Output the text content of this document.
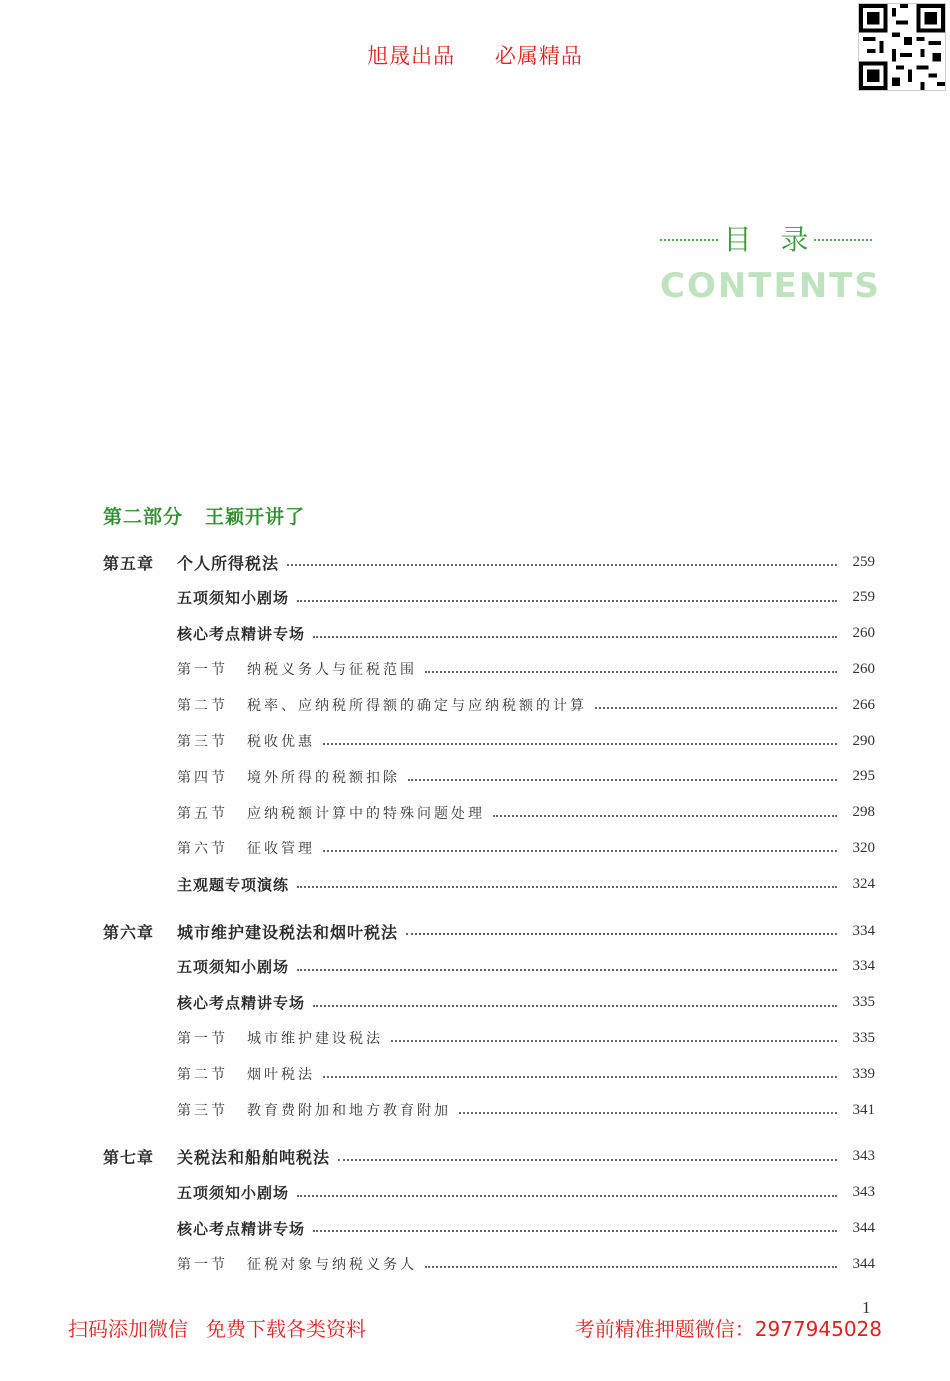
旭晟出品 必属精品
目 录
CONTENTS
第二部分 王颖开讲了
第五章 个人所得税法	259
五项须知小剧场	259
核心考点精讲专场	260
第一节 纳税义务人与征税范围	260
第二节 税率、应纳税所得额的确定与应纳税额的计算	266
第三节 税收优惠	290
第四节 境外所得的税额扣除	295
第五节 应纳税额计算中的特殊问题处理	298
第六节 征收管理	320
主观题专项演练	324
第六章 城市维护建设税法和烟叶税法	334
五项须知小剧场	334
核心考点精讲专场	335
第一节 城市维护建设税法	335
第二节 烟叶税法	339
第三节 教育费附加和地方教育附加	341
第七章 关税法和船舶吨税法	343
五项须知小剧场	343
核心考点精讲专场	344
第一节 征税对象与纳税义务人	344
1
扫码添加微信 免费下载各类资料	考前精准押题微信：2977945028
